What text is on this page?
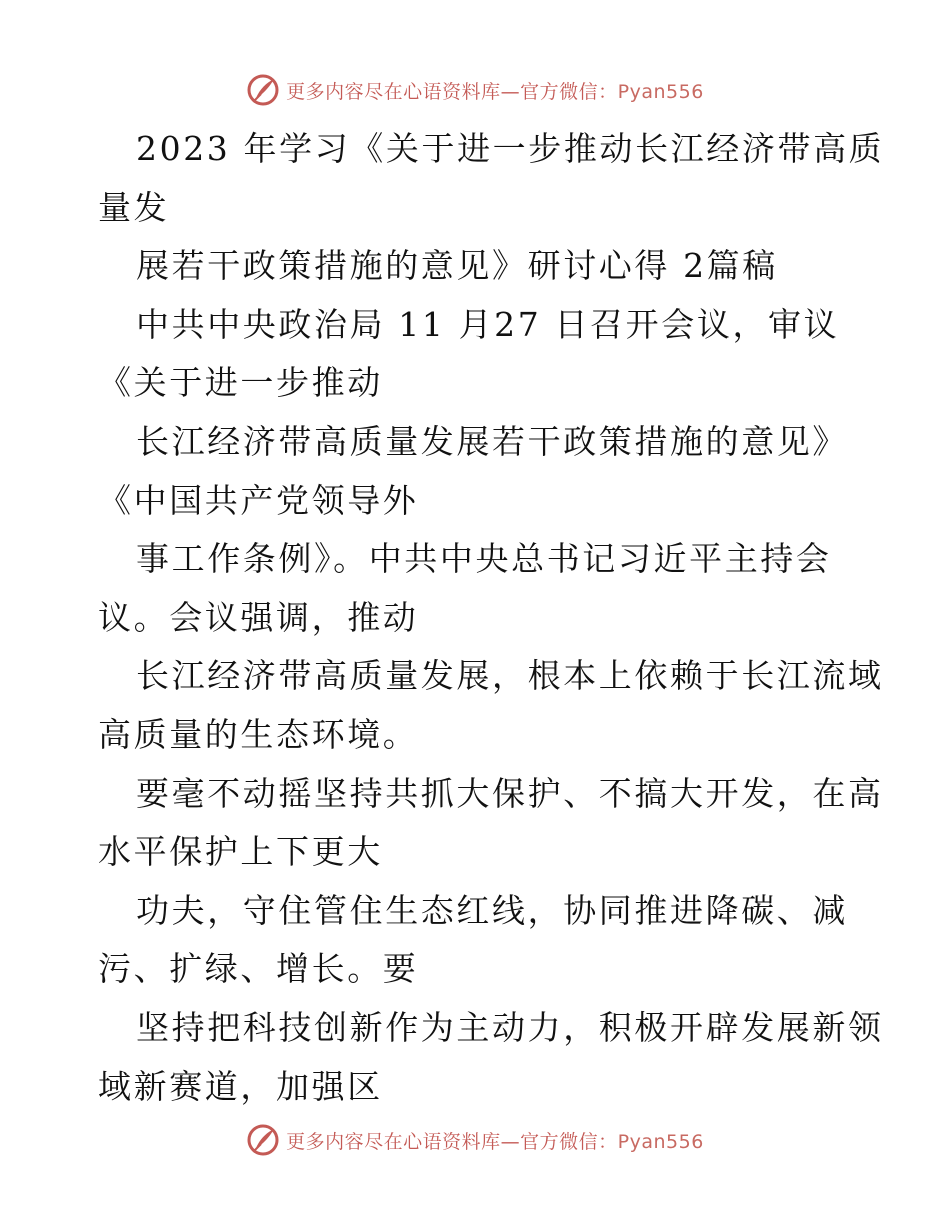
更多内容尽在心语资料库—官方微信：Pyan556
2023 年学习《关于进一步推动长江经济带高质
量发
展若干政策措施的意见》研讨心得 2篇稿
中共中央政治局 11 月27 日召开会议，审议
《关于进一步推动
长江经济带高质量发展若干政策措施的意见》
《中国共产党领导外
事工作条例》。中共中央总书记习近平主持会
议。会议强调，推动
长江经济带高质量发展，根本上依赖于长江流域
高质量的生态环境。
要毫不动摇坚持共抓大保护、不搞大开发，在高
水平保护上下更大
功夫，守住管住生态红线，协同推进降碳、减
污、扩绿、增长。要
坚持把科技创新作为主动力，积极开辟发展新领
域新赛道，加强区
更多内容尽在心语资料库—官方微信：Pyan556
